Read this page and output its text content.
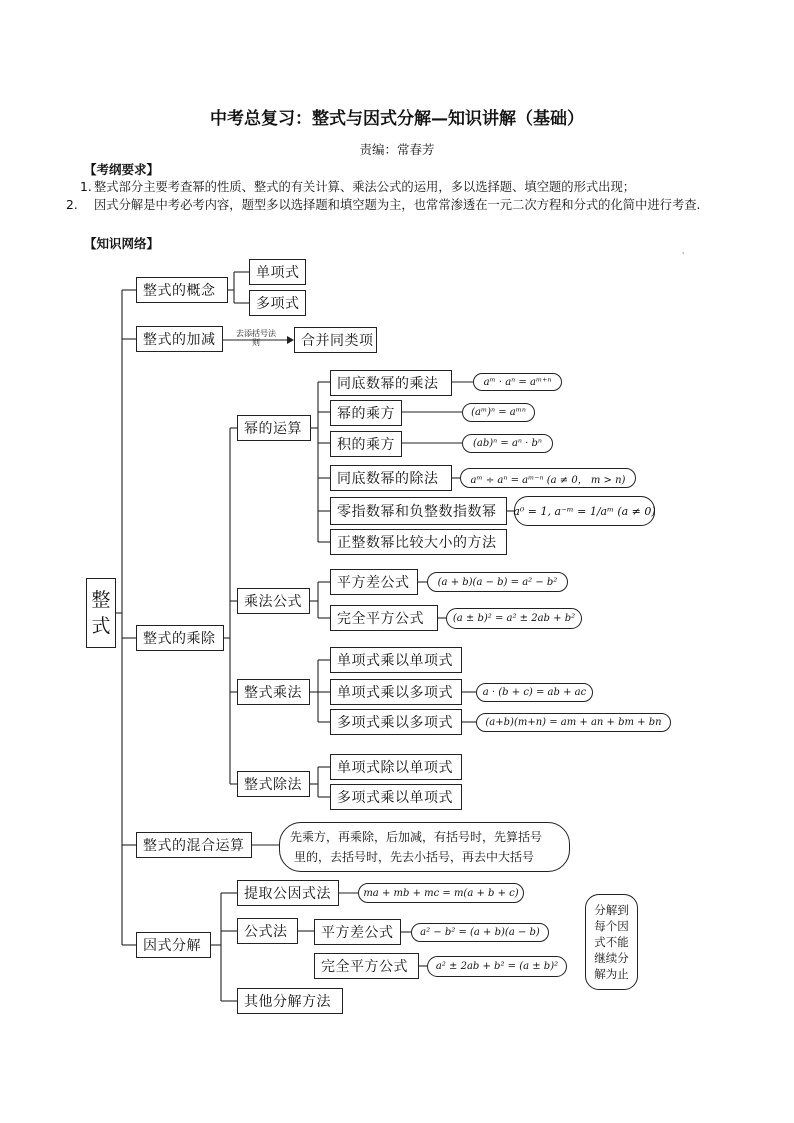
中考总复习：整式与因式分解—知识讲解（基础）
责编：常春芳
【考纲要求】
1. 整式部分主要考查幂的性质、整式的有关计算、乘法公式的运用，多以选择题、填空题的形式出现；
2. 因式分解是中考必考内容，题型多以选择题和填空题为主，也常常渗透在一元二次方程和分式的化简中进行考查.
【知识网络】
'
整式
整式的概念
单项式
多项式
整式的加减	去添括号法则	合并同类项
整式的乘除
幂的运算
同底数幂的乘法
幂的乘方
积的乘方
同底数幂的除法
零指数幂和负整数指数幂
正整数幂比较大小的方法
aᵐ · aⁿ = aᵐ⁺ⁿ
(aᵐ)ⁿ = aᵐⁿ
(ab)ⁿ = aⁿ · bⁿ
aᵐ ÷ aⁿ = aᵐ⁻ⁿ (a ≠ 0， m > n)
a⁰ = 1, a⁻ᵐ = 1/aᵐ (a ≠ 0)
乘法公式
平方差公式
完全平方公式
(a + b)(a − b) = a² − b²
(a ± b)² = a² ± 2ab + b²
整式乘法
单项式乘以单项式
单项式乘以多项式
多项式乘以多项式
a · (b + c) = ab + ac
(a+b)(m+n) = am + an + bm + bn
整式除法
单项式除以单项式
多项式乘以单项式
整式的混合运算
先乘方，再乘除，后加减，有括号时，先算括号
里的，去括号时，先去小括号，再去中大括号
因式分解
提取公因式法	ma + mb + mc = m(a + b + c)
公式法	平方差公式
完全平方公式
a² − b² = (a + b)(a − b)
a² ± 2ab + b² = (a ± b)²
其他分解方法
分解到
每个因
式不能
继续分
解为止
